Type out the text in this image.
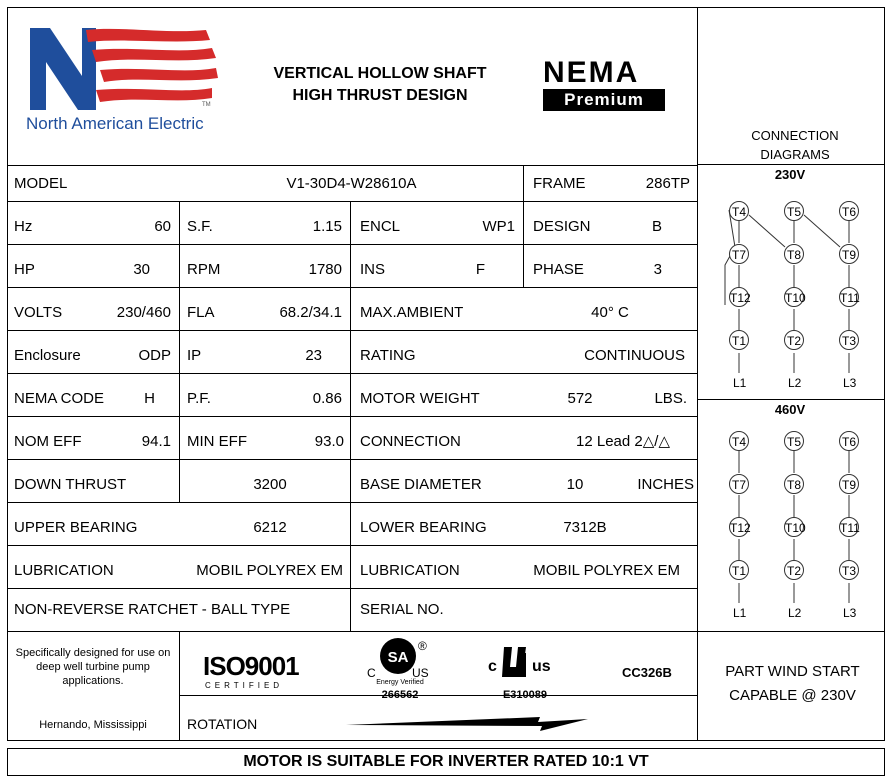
TM
North American Electric
VERTICAL HOLLOW SHAFT
HIGH THRUST DESIGN
NEMA
Premium
CONNECTION DIAGRAMS
MODEL	V1-30D4-W28610A	FRAME	286TP
Hz	60 S.F.	1.15 ENCL	WP1 DESIGN	B
HP	30 RPM	1780 INS	F	PHASE	3
VOLTS	230/460 FLA	68.2/34.1 MAX.AMBIENT	40° C
Enclosure	ODP IP	23	RATING	CONTINUOUS
NEMA CODE	H P.F.	0.86 MOTOR WEIGHT	572	LBS.
NOM EFF	94.1 MIN EFF	93.0 CONNECTION	12 Lead 2△/△
DOWN THRUST	3200	BASE DIAMETER	10	INCHES
UPPER BEARING	6212	LOWER BEARING	7312B
LUBRICATION	MOBIL POLYREX EM LUBRICATION	MOBIL POLYREX EM
NON-REVERSE RATCHET - BALL TYPE	SERIAL NO.
230V
460V
T4	T5	T6
T7	T8	T9
T12	T10	T11
T1	T2	T3
L1	L2	L3
T4	T5	T6
T7	T8	T9
T12	T10	T11
T1	T2	T3
L1	L2	L3
Specifically designed for use on deep well turbine pump applications.
Hernando, Mississippi
ISO9001
CERTIFIED
SA
®
C	US
Energy Verified
266562
c us
E310089
CC326B
ROTATION
PART WIND START CAPABLE @ 230V
MOTOR IS SUITABLE FOR INVERTER RATED 10:1 VT
